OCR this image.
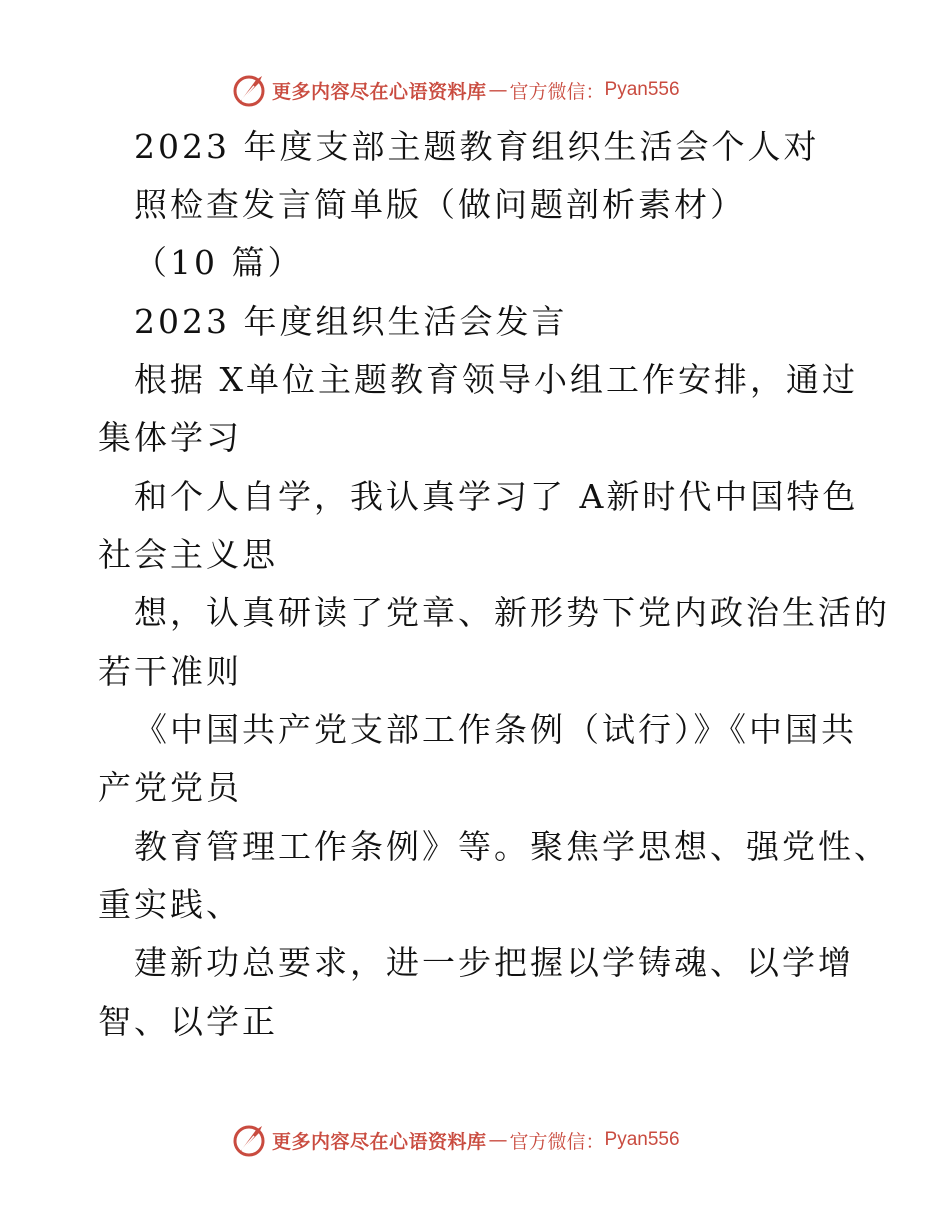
更多内容尽在心语资料库 — 官方微信： Pyan556
2023 年度支部主题教育组织生活会个人对
照检查发言简单版（做问题剖析素材）
（10 篇）
2023 年度组织生活会发言
根据 X单位主题教育领导小组工作安排，通过
集体学习
和个人自学，我认真学习了 A新时代中国特色
社会主义思
想，认真研读了党章、新形势下党内政治生活的
若干准则
《中国共产党支部工作条例（试行）》《中国共
产党党员
教育管理工作条例》等。聚焦学思想、强党性、
重实践、
建新功总要求，进一步把握以学铸魂、以学增
智、以学正
更多内容尽在心语资料库 — 官方微信： Pyan556
